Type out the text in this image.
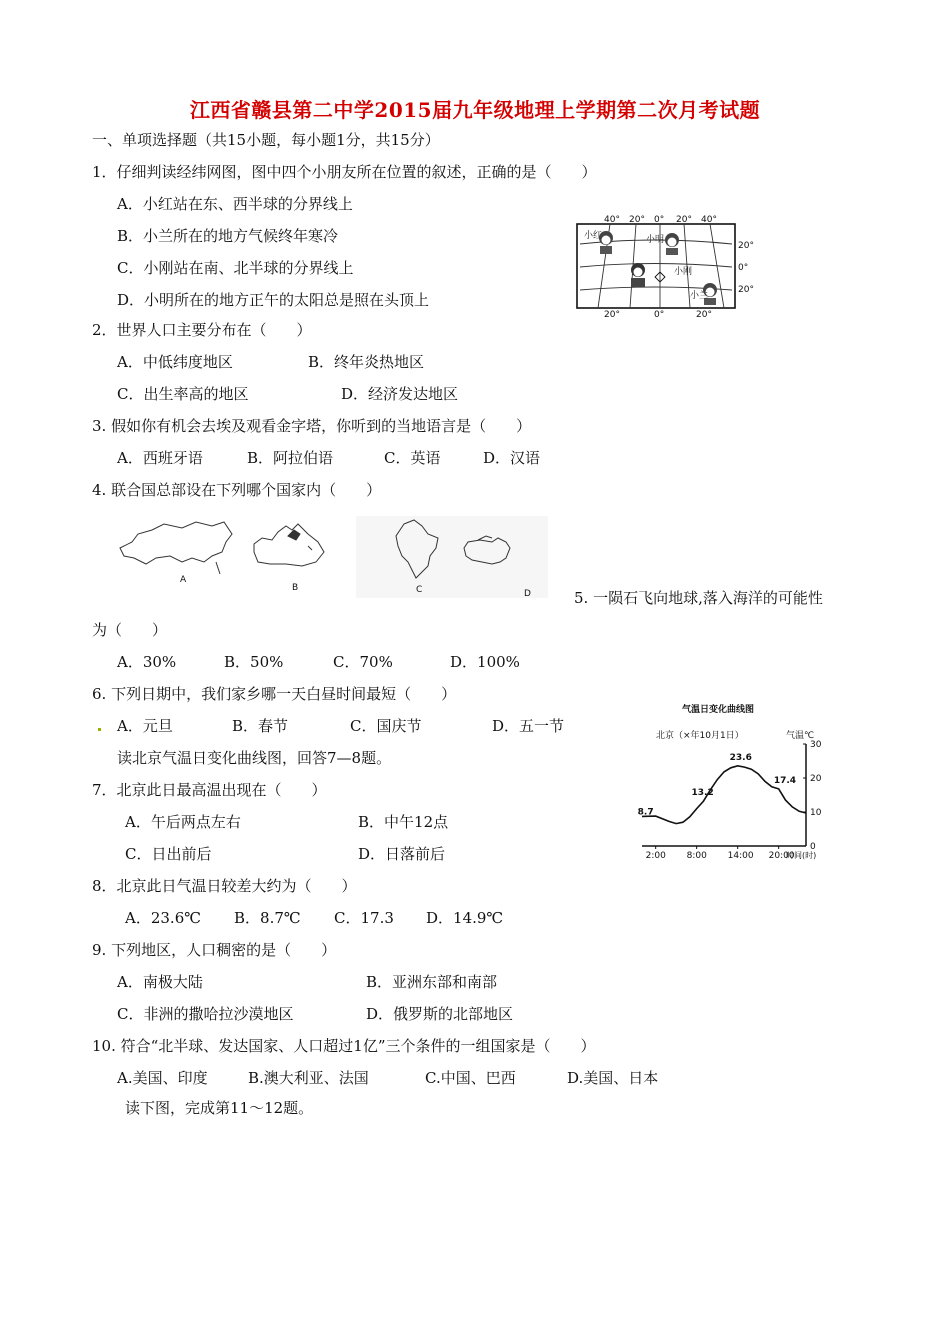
江西省赣县第二中学2015届九年级地理上学期第二次月考试题
一、单项选择题（共15小题，每小题1分，共15分）
1．仔细判读经纬网图，图中四个小朋友所在位置的叙述，正确的是（　　）
A．小红站在东、西半球的分界线上
B．小兰所在的地方气候终年寒冷
C．小刚站在南、北半球的分界线上
D．小明所在的地方正午的太阳总是照在头顶上
40° 20° 0° 20° 40°
20°
0°
20°
20°	0°	20°
小红	小明
小刚
小兰
2．世界人口主要分布在（　　）
A．中低纬度地区	B．终年炎热地区
C．出生率高的地区	D．经济发达地区
3. 假如你有机会去埃及观看金字塔，你听到的当地语言是（　　）
A．西班牙语	B．阿拉伯语	C．英语	D．汉语
4. 联合国总部设在下列哪个国家内（　　）
A
B	C	D	5. 一陨石飞向地球,落入海洋的可能性
为（　　）
A．30%	B．50%	C．70%	D．100%
6. 下列日期中，我们家乡哪一天白昼时间最短（　　）
A．元旦	B．春节	C．国庆节	D．五一节
读北京气温日变化曲线图，回答7—8题。
气温日变化曲线图
北京（×年10月1日）	气温℃
2:00 8:00 14:00 20:00
30
20
10
0
8.7
13.2
23.6
17.4
时间(时)
7．北京此日最高温出现在（　　）
A．午后两点左右	B．中午12点
C．日出前后	D．日落前后
8．北京此日气温日较差大约为（　　）
A．23.6℃ B．8.7℃ C．17.3 D．14.9℃
9. 下列地区，人口稠密的是（　　）
A．南极大陆	B．亚洲东部和南部
C．非洲的撒哈拉沙漠地区	D．俄罗斯的北部地区
10. 符合“北半球、发达国家、人口超过1亿”三个条件的一组国家是（　　）
A.美国、印度	B.澳大利亚、法国	C.中国、巴西	D.美国、日本
读下图，完成第11～12题。
